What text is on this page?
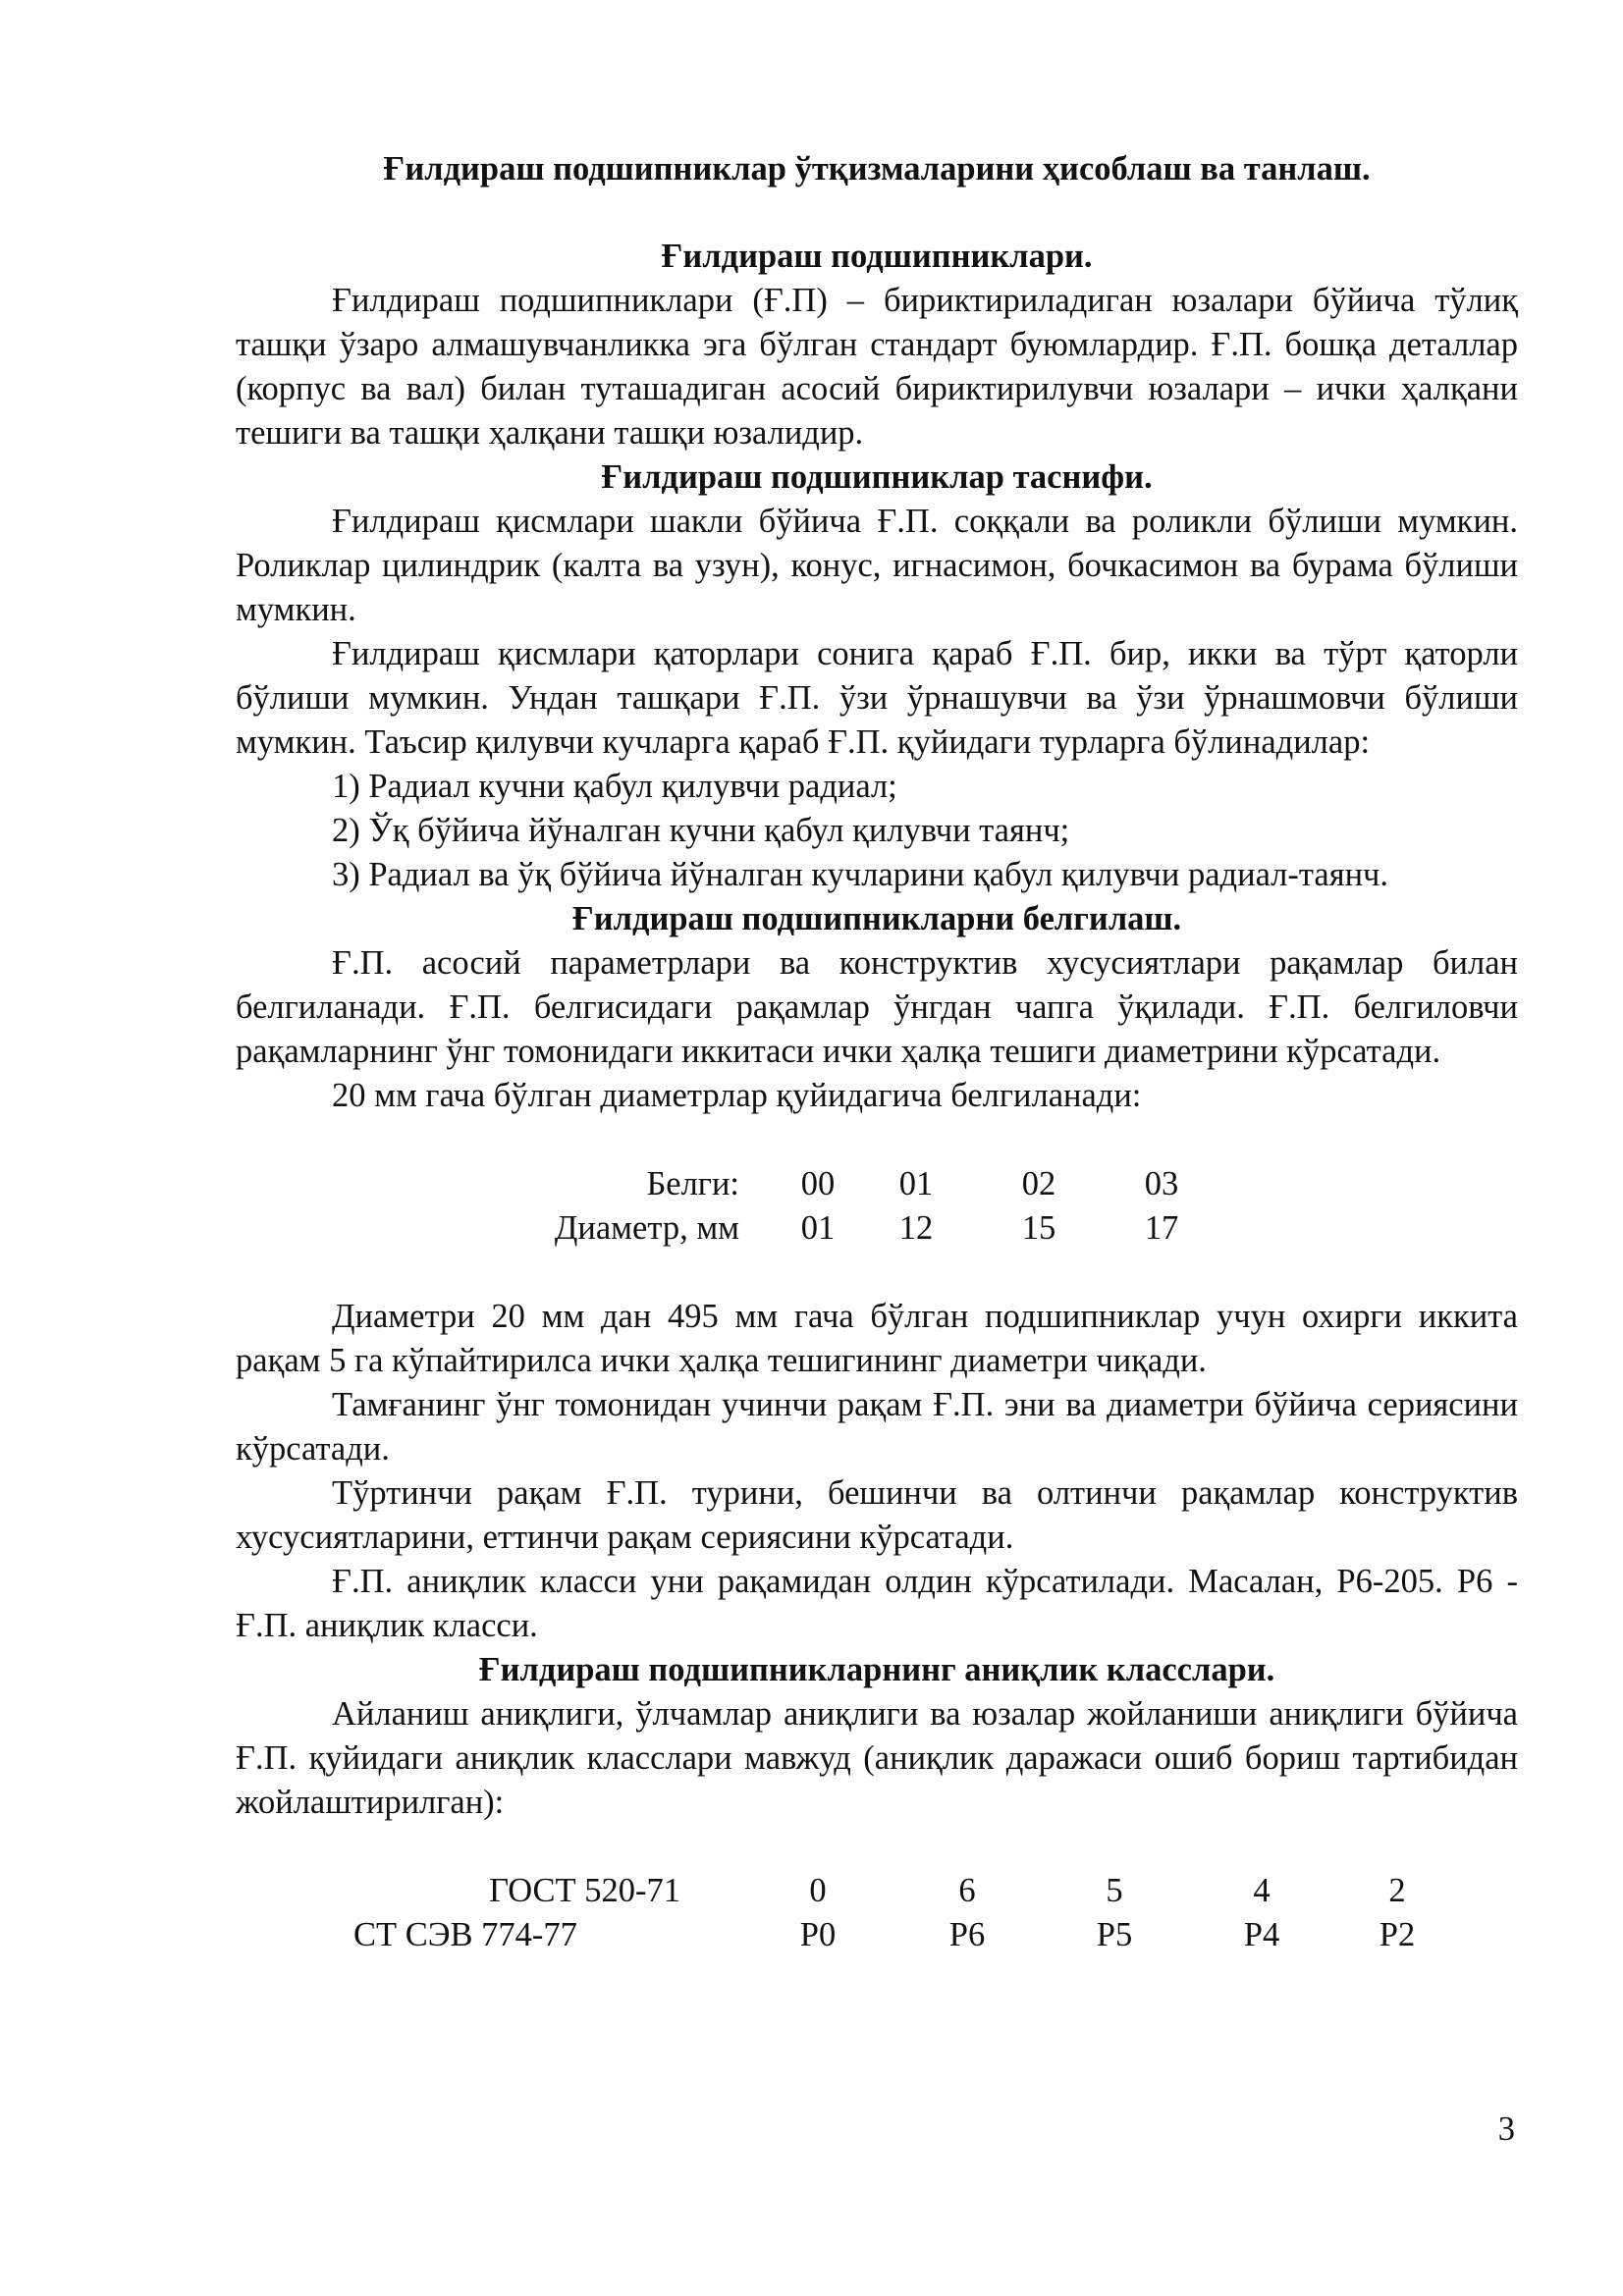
Ғилдираш подшипниклар ўтқизмаларини ҳисоблаш ва танлаш.

Ғилдираш подшипниклари.

Ғилдираш подшипниклари (Ғ.П) – бириктириладиган юзалари бўйича тўлиқ ташқи ўзаро алмашувчанликка эга бўлган стандарт буюмлардир. Ғ.П. бошқа деталлар (корпус ва вал) билан туташадиган асосий бириктирилувчи юзалари – ички ҳалқани тешиги ва ташқи ҳалқани ташқи юзалидир.

Ғилдираш подшипниклар таснифи.

Ғилдираш қисмлари шакли бўйича Ғ.П. соққали ва роликли бўлиши мумкин. Роликлар цилиндрик (калта ва узун), конус, игнасимон, бочкасимон ва бурама бўлиши мумкин.

Ғилдираш қисмлари қаторлари сонига қараб Ғ.П. бир, икки ва тўрт қаторли бўлиши мумкин. Ундан ташқари Ғ.П. ўзи ўрнашувчи ва ўзи ўрнашмовчи бўлиши мумкин. Таъсир қилувчи кучларга қараб Ғ.П. қуйидаги турларга бўлинадилар:

1) Радиал кучни қабул қилувчи радиал;

2) Ўқ бўйича йўналган кучни қабул қилувчи таянч;

3) Радиал ва ўқ бўйича йўналган кучларини қабул қилувчи радиал-таянч.

Ғилдираш подшипникларни белгилаш.

Ғ.П. асосий параметрлари ва конструктив хусусиятлари рақамлар билан белгиланади. Ғ.П. белгисидаги рақамлар ўнгдан чапга ўқилади. Ғ.П. белгиловчи рақамларнинг ўнг томонидаги иккитаси ички ҳалқа тешиги диаметрини кўрсатади.

20 мм гача бўлган диаметрлар қуйидагича белгиланади:

Белги:	00	01	02	03
Диаметр, мм	01	12	15	17

Диаметри 20 мм дан 495 мм гача бўлган подшипниклар учун охирги иккита рақам 5 га кўпайтирилса ички ҳалқа тешигининг диаметри чиқади.

Тамғанинг ўнг томонидан учинчи рақам Ғ.П. эни ва диаметри бўйича сериясини кўрсатади.

Тўртинчи рақам Ғ.П. турини, бешинчи ва олтинчи рақамлар конструктив хусусиятларини, еттинчи рақам сериясини кўрсатади.

Ғ.П. аниқлик класси уни рақамидан олдин кўрсатилади. Масалан, Р6-205. Р6 - Ғ.П. аниқлик класси.

Ғилдираш подшипникларнинг аниқлик класслари.

Айланиш аниқлиги, ўлчамлар аниқлиги ва юзалар жойланиши аниқлиги бўйича Ғ.П. қуйидаги аниқлик класслари мавжуд (аниқлик даражаси ошиб бориш тартибидан жойлаштирилган):

ГОСТ 520-71	0	6	5	4	2
СТ СЭВ 774-77	Р0	Р6	Р5	Р4	Р2
3
